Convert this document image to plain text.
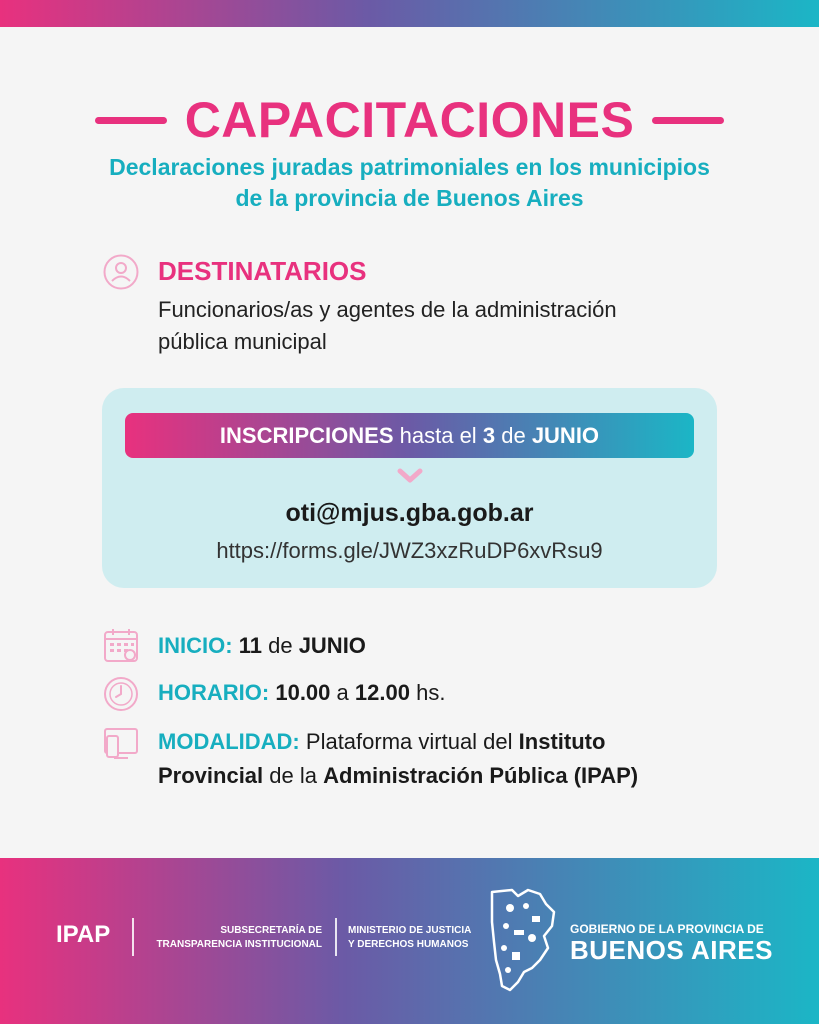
CAPACITACIONES
Declaraciones juradas patrimoniales en los municipios
de la provincia de Buenos Aires
DESTINATARIOS
Funcionarios/as y agentes de la administración
pública municipal
INSCRIPCIONES
hasta el
3
de
JUNIO
oti@mjus.gba.gob.ar
https://forms.gle/JWZ3xzRuDP6xvRsu9
INICIO: 11 de JUNIO
HORARIO: 10.00 a 12.00 hs.
MODALIDAD: Plataforma virtual del Instituto
Provincial de la Administración Pública (IPAP)
IPAP	SUBSECRETARÍA DE
TRANSPARENCIA INSTITUCIONAL
MINISTERIO DE JUSTICIA
Y DERECHOS HUMANOS
GOBIERNO DE LA PROVINCIA DE
BUENOS AIRES
